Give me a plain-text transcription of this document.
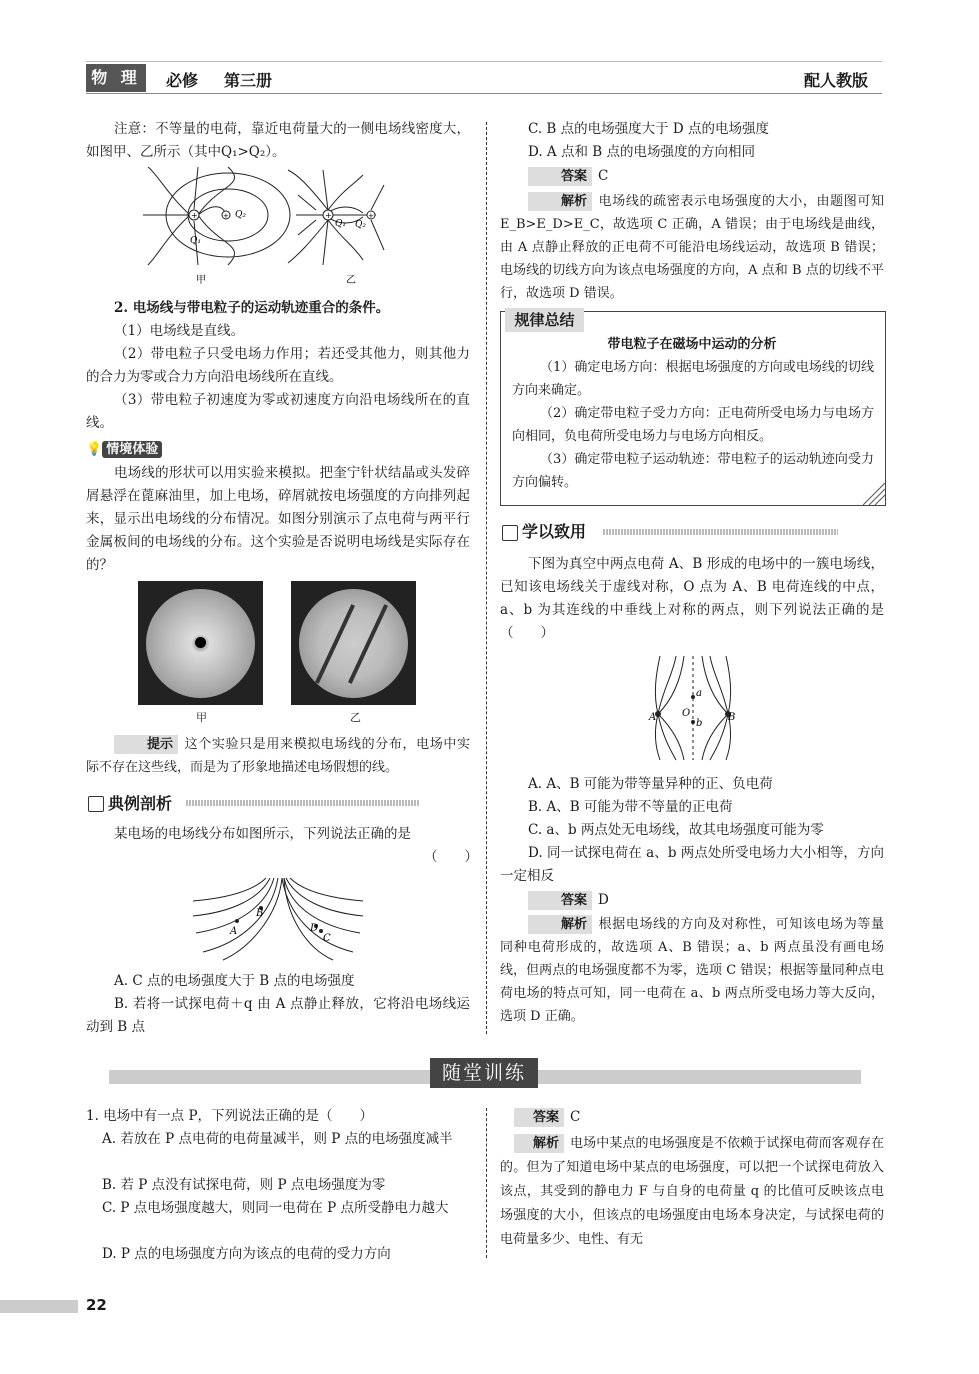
物 理	必修 第三册	配人教版

注意：不等量的电荷，靠近电荷量大的一侧电场线密度大，如图甲、乙所示（其中Q₁>Q₂）。

+	+	+	+
Q₂
Q₁
甲
Q₁ Q₂
乙

2. 电场线与带电粒子的运动轨迹重合的条件。

（1）电场线是直线。

（2）带电粒子只受电场力作用；若还受其他力，则其他力的合力为零或合力方向沿电场线所在直线。

（3）带电粒子初速度为零或初速度方向沿电场线所在的直线。

💡 情境体验

电场线的形状可以用实验来模拟。把奎宁针状结晶或头发碎屑悬浮在蓖麻油里，加上电场，碎屑就按电场强度的方向排列起来，显示出电场线的分布情况。如图分别演示了点电荷与两平行金属板间的电场线的分布。这个实验是否说明电场线是实际存在的？

甲	乙

提示 这个实验只是用来模拟电场线的分布，电场中实际不存在这些线，而是为了形象地描述电场假想的线。

典例剖析

某电场的电场线分布如图所示，下列说法正确的是

（　　）
A
B
C
D

A. C 点的电场强度大于 B 点的电场强度

B. 若将一试探电荷＋q 由 A 点静止释放，它将沿电场线运动到 B 点

C. B 点的电场强度大于 D 点的电场强度

D. A 点和 B 点的电场强度的方向相同

答案 C

解析 电场线的疏密表示电场强度的大小，由题图可知 E_B>E_D>E_C，故选项 C 正确，A 错误；由于电场线是曲线，由 A 点静止释放的正电荷不可能沿电场线运动，故选项 B 错误；电场线的切线方向为该点电场强度的方向，A 点和 B 点的切线不平行，故选项 D 错误。

规律总结

带电粒子在磁场中运动的分析

（1）确定电场方向：根据电场强度的方向或电场线的切线方向来确定。

（2）确定带电粒子受力方向：正电荷所受电场力与电场方向相同，负电荷所受电场力与电场方向相反。

（3）确定带电粒子运动轨迹：带电粒子的运动轨迹向受力方向偏转。

学以致用

下图为真空中两点电荷 A、B 形成的电场中的一簇电场线，已知该电场线关于虚线对称，O 点为 A、B 电荷连线的中点，a、b 为其连线的中垂线上对称的两点，则下列说法正确的是（　　）

a
O
b
A	B

A. A、B 可能为带等量异种的正、负电荷

B. A、B 可能为带不等量的正电荷

C. a、b 两点处无电场线，故其电场强度可能为零

D. 同一试探电荷在 a、b 两点处所受电场力大小相等，方向一定相反

答案 D

解析 根据电场线的方向及对称性，可知该电场为等量同种电荷形成的，故选项 A、B 错误；a、b 两点虽没有画电场线，但两点的电场强度都不为零，选项 C 错误；根据等量同种点电荷电场的特点可知，同一电荷在 a、b 两点所受电场力等大反向，选项 D 正确。

随堂训练

1. 电场中有一点 P，下列说法正确的是（　　）

A. 若放在 P 点电荷的电荷量减半，则 P 点的电场强度减半

B. 若 P 点没有试探电荷，则 P 点电场强度为零

C. P 点电场强度越大，则同一电荷在 P 点所受静电力越大

D. P 点的电场强度方向为该点的电荷的受力方向

答案 C

解析 电场中某点的电场强度是不依赖于试探电荷而客观存在的。但为了知道电场中某点的电场强度，可以把一个试探电荷放入该点，其受到的静电力 F 与自身的电荷量 q 的比值可反映该点电场强度的大小，但该点的电场强度由电场本身决定，与试探电荷的电荷量多少、电性、有无

22
